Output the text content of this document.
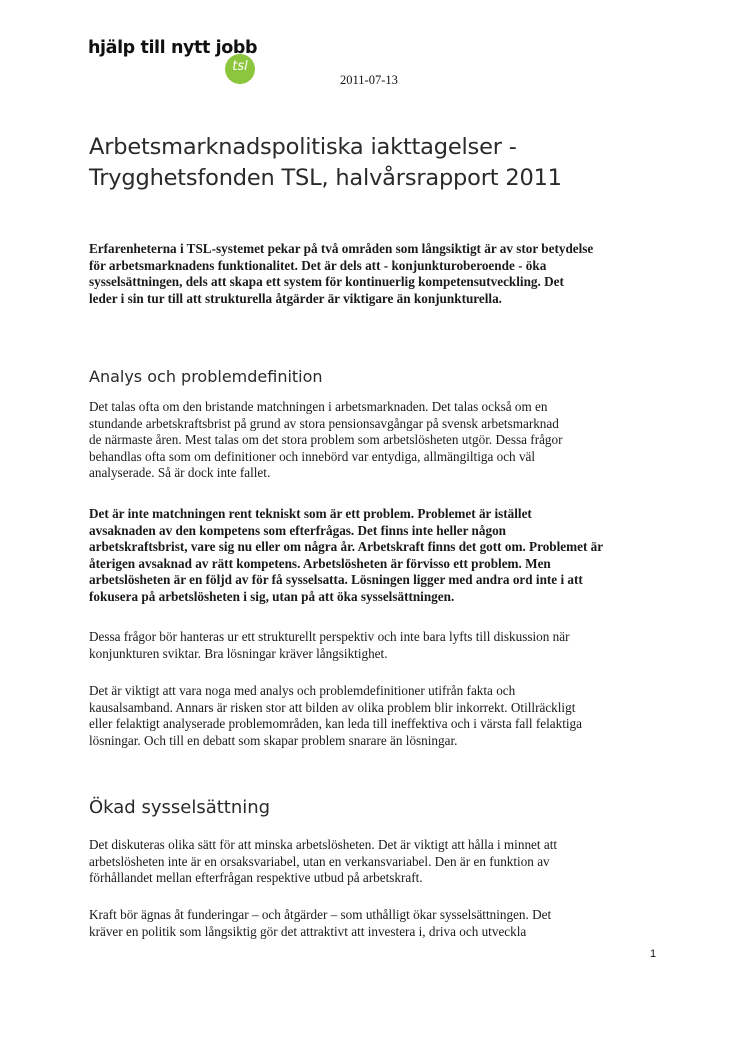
tsl
hjälp till nytt jobb
2011-07-13
Arbetsmarknadspolitiska iakttagelser -
Trygghetsfonden TSL, halvårsrapport 2011
Erfarenheterna i TSL-systemet pekar på två områden som långsiktigt är av stor betydelse
för arbetsmarknadens funktionalitet. Det är dels att - konjunkturoberoende - öka
sysselsättningen, dels att skapa ett system för kontinuerlig kompetensutveckling. Det
leder i sin tur till att strukturella åtgärder är viktigare än konjunkturella.
Analys och problemdefinition
Det talas ofta om den bristande matchningen i arbetsmarknaden. Det talas också om en
stundande arbetskraftsbrist på grund av stora pensionsavgångar på svensk arbetsmarknad
de närmaste åren. Mest talas om det stora problem som arbetslösheten utgör. Dessa frågor
behandlas ofta som om definitioner och innebörd var entydiga, allmängiltiga och väl
analyserade. Så är dock inte fallet.
Det är inte matchningen rent tekniskt som är ett problem. Problemet är istället
avsaknaden av den kompetens som efterfrågas. Det finns inte heller någon
arbetskraftsbrist, vare sig nu eller om några år. Arbetskraft finns det gott om. Problemet är
återigen avsaknad av rätt kompetens. Arbetslösheten är förvisso ett problem. Men
arbetslösheten är en följd av för få sysselsatta. Lösningen ligger med andra ord inte i att
fokusera på arbetslösheten i sig, utan på att öka sysselsättningen.
Dessa frågor bör hanteras ur ett strukturellt perspektiv och inte bara lyfts till diskussion när
konjunkturen sviktar. Bra lösningar kräver långsiktighet.
Det är viktigt att vara noga med analys och problemdefinitioner utifrån fakta och
kausalsamband. Annars är risken stor att bilden av olika problem blir inkorrekt. Otillräckligt
eller felaktigt analyserade problemområden, kan leda till ineffektiva och i värsta fall felaktiga
lösningar. Och till en debatt som skapar problem snarare än lösningar.
Ökad sysselsättning
Det diskuteras olika sätt för att minska arbetslösheten. Det är viktigt att hålla i minnet att
arbetslösheten inte är en orsaksvariabel, utan en verkansvariabel. Den är en funktion av
förhållandet mellan efterfrågan respektive utbud på arbetskraft.
Kraft bör ägnas åt funderingar – och åtgärder – som uthålligt ökar sysselsättningen. Det
kräver en politik som långsiktig gör det attraktivt att investera i, driva och utveckla
1
